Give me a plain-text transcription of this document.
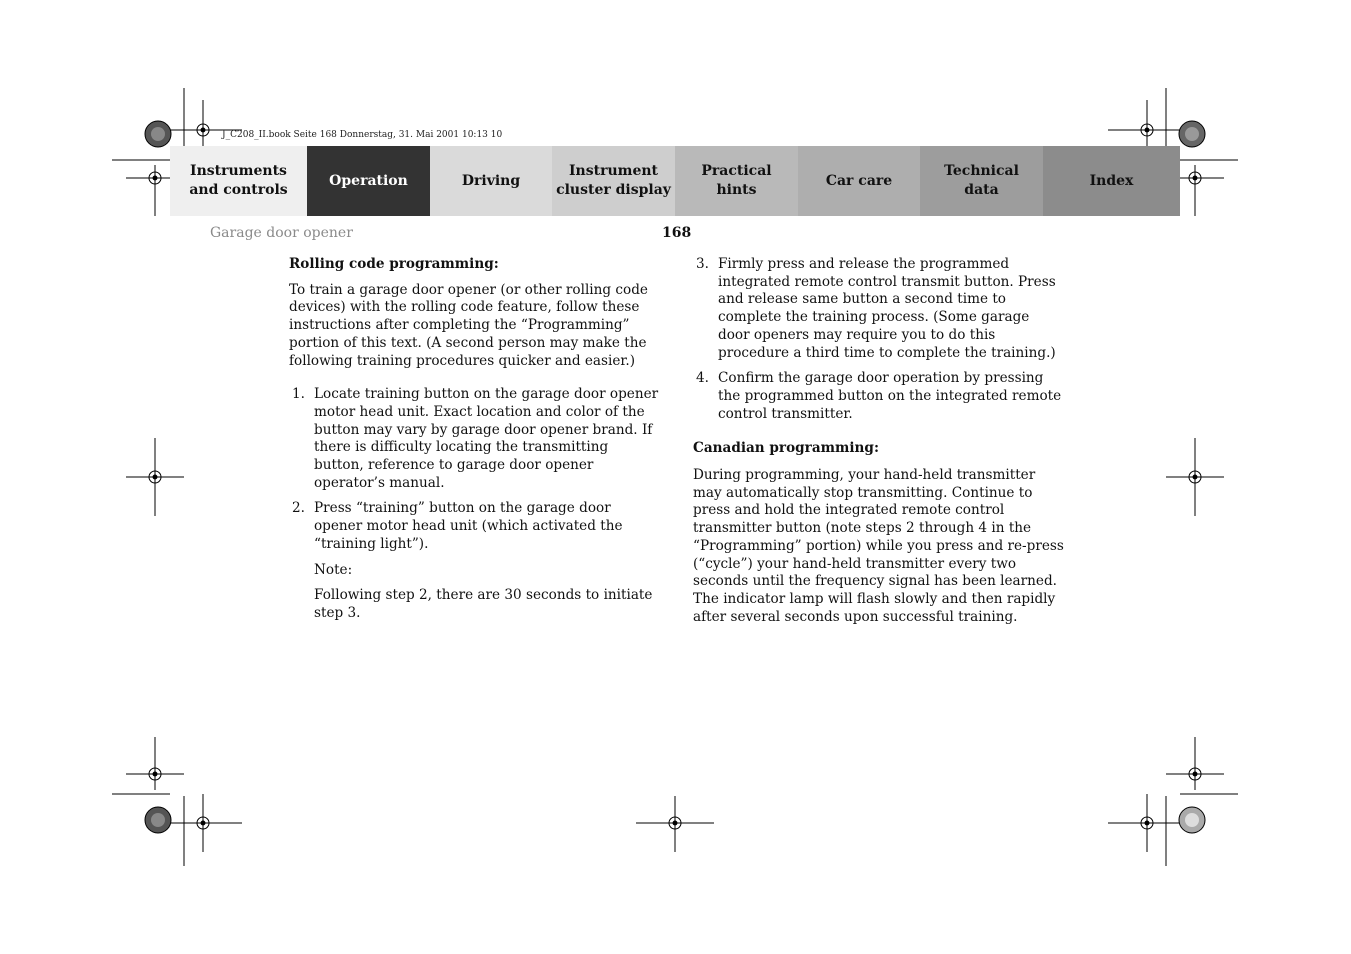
J_C208_II.book Seite 168 Donnerstag, 31. Mai 2001 10:13 10
Instruments
and controls
Operation	Driving
Instrument
cluster display
Practical hints
Car care
Technical
data
Index
Garage door opener	168

Rolling code programming:

To train a garage door opener (or other rolling code devices) with the rolling code feature, follow these instructions after completing the “Programming” portion of this text. (A second person may make the following training procedures quicker and easier.)

1. Locate training button on the garage door opener motor head unit. Exact location and color of the button may vary by garage door opener brand. If there is difficulty locating the transmitting button, reference to garage door opener operator’s manual.

2. Press “training” button on the garage door opener motor head unit (which activated the “training light”).

Note:

Following step 2, there are 30 seconds to initiate step 3.

3. Firmly press and release the programmed integrated remote control transmit button. Press and release same button a second time to complete the training process. (Some garage door openers may require you to do this procedure a third time to complete the training.)

4. Confirm the garage door operation by pressing the programmed button on the integrated remote control transmitter.

Canadian programming:

During programming, your hand-held transmitter may automatically stop transmitting. Continue to press and hold the integrated remote control transmitter button (note steps 2 through 4 in the “Programming” portion) while you press and re-press (“cycle”) your hand-held transmitter every two seconds until the frequency signal has been learned. The indicator lamp will flash slowly and then rapidly after several seconds upon successful training.
